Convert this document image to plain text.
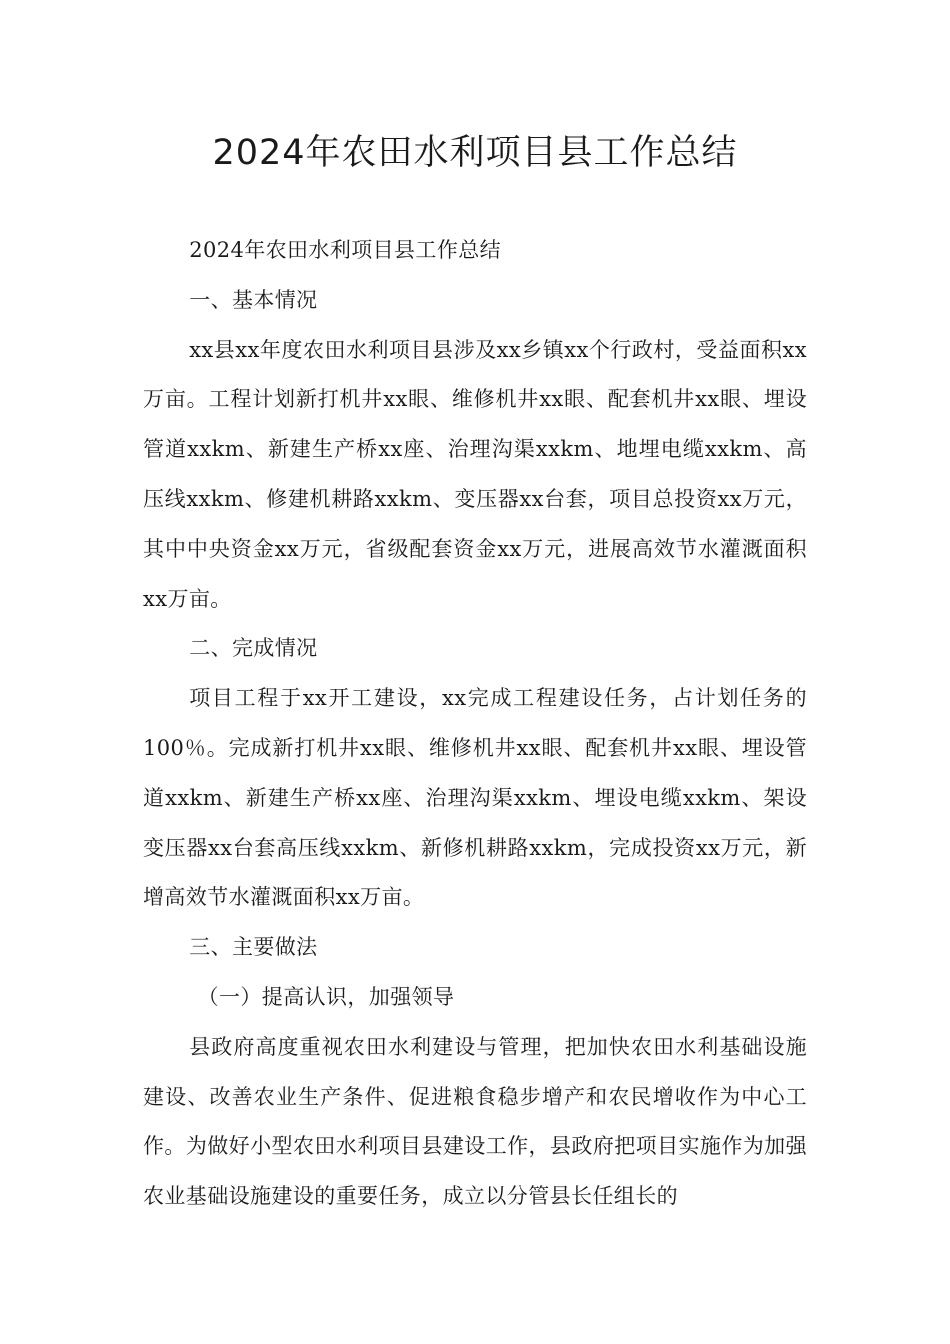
2024年农田水利项目县工作总结

2024年农田水利项目县工作总结

一、基本情况

xx县xx年度农田水利项目县涉及xx乡镇xx个行政村，受益面积xx万亩。工程计划新打机井xx眼、维修机井xx眼、配套机井xx眼、埋设管道xxkm、新建生产桥xx座、治理沟渠xxkm、地埋电缆xxkm、高压线xxkm、修建机耕路xxkm、变压器xx台套，项目总投资xx万元，其中中央资金xx万元，省级配套资金xx万元，进展高效节水灌溉面积xx万亩。

二、完成情况

项目工程于xx开工建设，xx完成工程建设任务，占计划任务的100％。完成新打机井xx眼、维修机井xx眼、配套机井xx眼、埋设管道xxkm、新建生产桥xx座、治理沟渠xxkm、埋设电缆xxkm、架设变压器xx台套高压线xxkm、新修机耕路xxkm，完成投资xx万元，新增高效节水灌溉面积xx万亩。

三、主要做法

（一）提高认识，加强领导

县政府高度重视农田水利建设与管理，把加快农田水利基础设施建设、改善农业生产条件、促进粮食稳步增产和农民增收作为中心工作。为做好小型农田水利项目县建设工作，县政府把项目实施作为加强农业基础设施建设的重要任务，成立以分管县长任组长的
